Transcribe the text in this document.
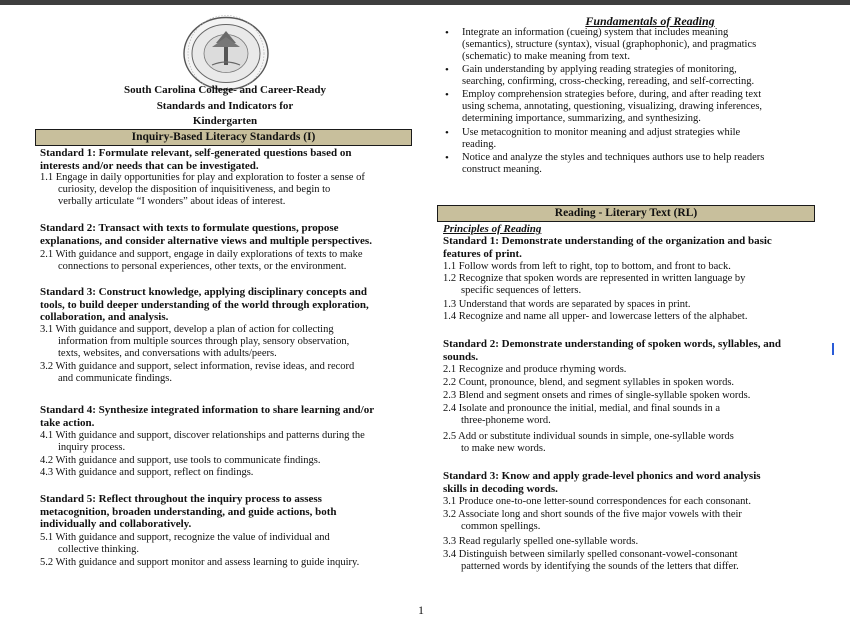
South Carolina College- and Career-Ready
Standards and Indicators for
Kindergarten
Inquiry-Based Literacy Standards (I)
Standard 1: Formulate relevant, self-generated questions based on
interests and/or needs that can be investigated.
1.1 Engage in daily opportunities for play and exploration to foster a sense of
curiosity, develop the disposition of inquisitiveness, and begin to
verbally articulate “I wonders” about ideas of interest.
Standard 2: Transact with texts to formulate questions, propose
explanations, and consider alternative views and multiple perspectives.
2.1 With guidance and support, engage in daily explorations of texts to make
connections to personal experiences, other texts, or the environment.
Standard 3: Construct knowledge, applying disciplinary concepts and
tools, to build deeper understanding of the world through exploration,
collaboration, and analysis.
3.1 With guidance and support, develop a plan of action for collecting
information from multiple sources through play, sensory observation,
texts, websites, and conversations with adults/peers.
3.2 With guidance and support, select information, revise ideas, and record
and communicate findings.
Standard 4: Synthesize integrated information to share learning and/or
take action.
4.1 With guidance and support, discover relationships and patterns during the
inquiry process.
4.2 With guidance and support, use tools to communicate findings.
4.3 With guidance and support, reflect on findings.
Standard 5: Reflect throughout the inquiry process to assess
metacognition, broaden understanding, and guide actions, both
individually and collaboratively.
5.1 With guidance and support, recognize the value of individual and
collective thinking.
5.2 With guidance and support monitor and assess learning to guide inquiry.
Fundamentals of Reading
• Integrate an information (cueing) system that includes meaning
(semantics), structure (syntax), visual (graphophonic), and pragmatics
(schematic) to make meaning from text.
• Gain understanding by applying reading strategies of monitoring,
searching, confirming, cross-checking, rereading, and self-correcting.
• Employ comprehension strategies before, during, and after reading text
using schema, annotating, questioning, visualizing, drawing inferences,
determining importance, summarizing, and synthesizing.
• Use metacognition to monitor meaning and adjust strategies while
reading.
• Notice and analyze the styles and techniques authors use to help readers
construct meaning.
Reading - Literary Text (RL)
Principles of Reading
Standard 1: Demonstrate understanding of the organization and basic
features of print.
1.1 Follow words from left to right, top to bottom, and front to back.
1.2 Recognize that spoken words are represented in written language by
specific sequences of letters.
1.3 Understand that words are separated by spaces in print.
1.4 Recognize and name all upper- and lowercase letters of the alphabet.
Standard 2: Demonstrate understanding of spoken words, syllables, and
sounds.
2.1 Recognize and produce rhyming words.
2.2 Count, pronounce, blend, and segment syllables in spoken words.
2.3 Blend and segment onsets and rimes of single-syllable spoken words.
2.4 Isolate and pronounce the initial, medial, and final sounds in a
three-phoneme word.
2.5 Add or substitute individual sounds in simple, one-syllable words
to make new words.
Standard 3: Know and apply grade-level phonics and word analysis
skills in decoding words.
3.1 Produce one-to-one letter-sound correspondences for each consonant.
3.2 Associate long and short sounds of the five major vowels with their
common spellings.
3.3 Read regularly spelled one-syllable words.
3.4 Distinguish between similarly spelled consonant-vowel-consonant
patterned words by identifying the sounds of the letters that differ.
1
